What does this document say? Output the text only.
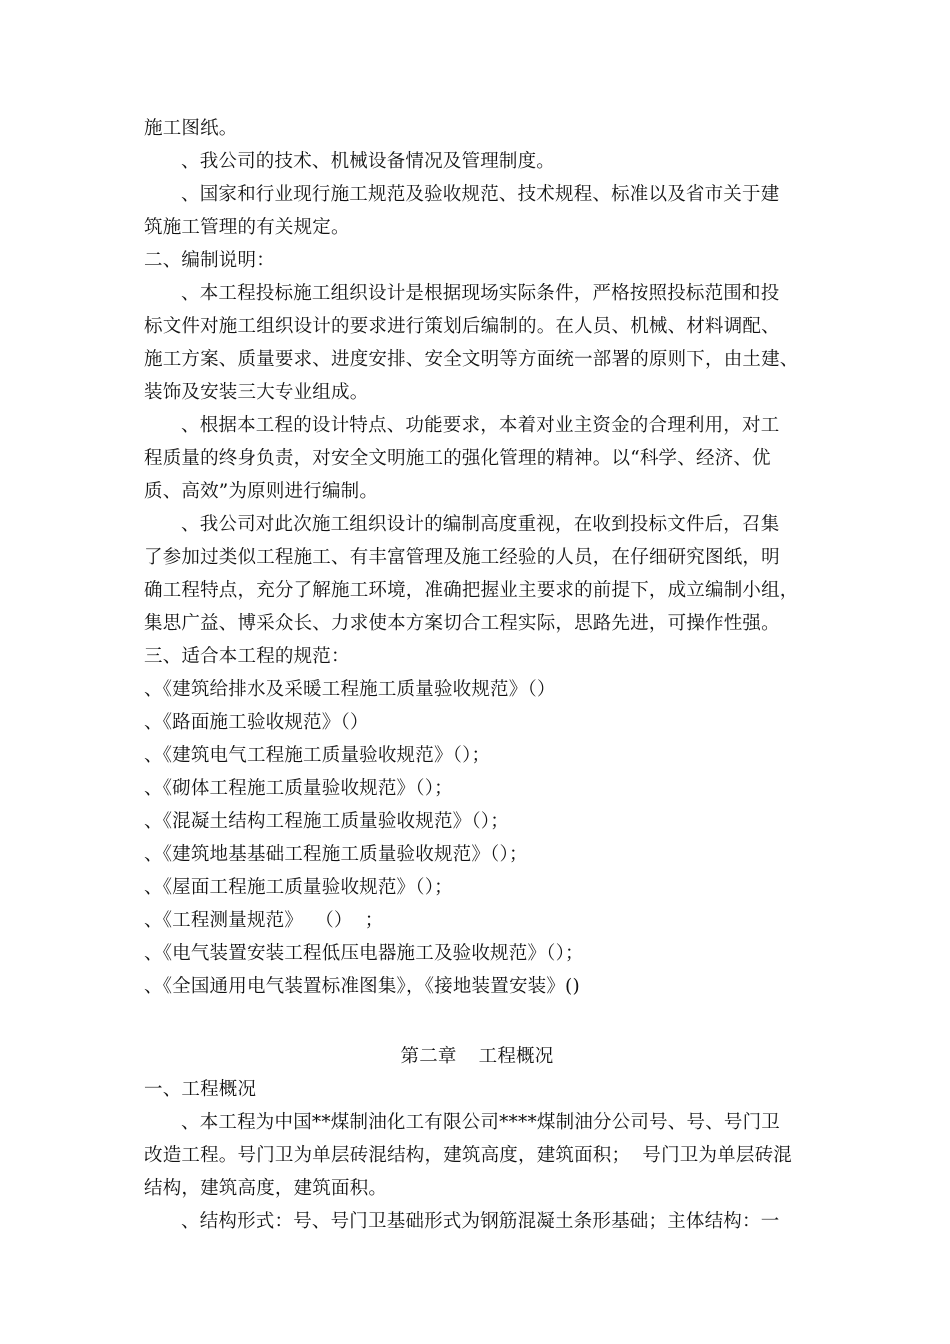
施工图纸。
、我公司的技术、机械设备情况及管理制度。
、国家和行业现行施工规范及验收规范、技术规程、标准以及省市关于建
筑施工管理的有关规定。
二、编制说明：
、本工程投标施工组织设计是根据现场实际条件，严格按照投标范围和投
标文件对施工组织设计的要求进行策划后编制的。在人员、机械、材料调配、
施工方案、质量要求、进度安排、安全文明等方面统一部署的原则下，由土建、
装饰及安装三大专业组成。
、根据本工程的设计特点、功能要求，本着对业主资金的合理利用，对工
程质量的终身负责，对安全文明施工的强化管理的精神。以“科学、经济、优
质、高效”为原则进行编制。
、我公司对此次施工组织设计的编制高度重视，在收到投标文件后，召集
了参加过类似工程施工、有丰富管理及施工经验的人员，在仔细研究图纸，明
确工程特点，充分了解施工环境，准确把握业主要求的前提下，成立编制小组，
集思广益、博采众长、力求使本方案切合工程实际，思路先进，可操作性强。
三、适合本工程的规范：
、《建筑给排水及采暖工程施工质量验收规范》（）
、《路面施工验收规范》（）
、《建筑电气工程施工质量验收规范》（）；
、《砌体工程施工质量验收规范》（）；
、《混凝土结构工程施工质量验收规范》（）；
、《建筑地基基础工程施工质量验收规范》（）；
、《屋面工程施工质量验收规范》（）；
、《工程测量规范》  （）  ；
、《电气装置安装工程低压电器施工及验收规范》（）；
、《全国通用电气装置标准图集》，《接地装置安装》()
第二章 工程概况
一、工程概况
、本工程为中国**煤制油化工有限公司****煤制油分公司号、号、号门卫
改造工程。号门卫为单层砖混结构，建筑高度，建筑面积；  号门卫为单层砖混
结构，建筑高度，建筑面积。
、结构形式：号、号门卫基础形式为钢筋混凝土条形基础；主体结构：一
